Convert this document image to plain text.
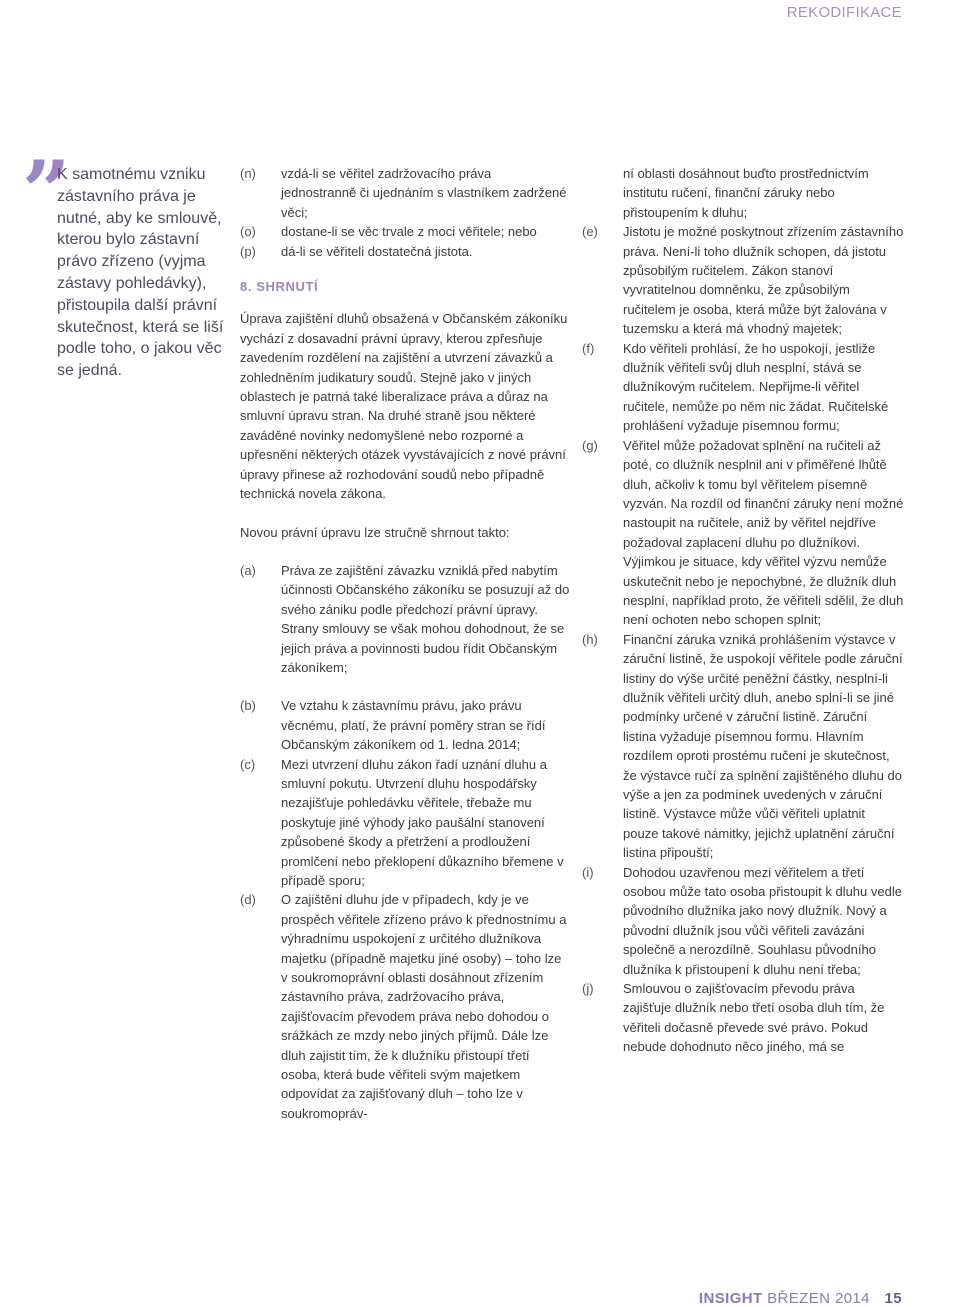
REKODIFIKACE
”
K samotnému vzniku zástavního práva je nutné, aby ke smlouvě, kterou bylo zástavní právo zřízeno (vyjma zástavy pohledávky), přistoupila další právní skutečnost, která se liší podle toho, o jakou věc se jedná.

(n) vzdá-li se věřitel zadržovacího práva jednostranně či ujednáním s vlastníkem zadržené věci;

(o) dostane-li se věc trvale z moci věřitele; nebo

(p) dá-li se věřiteli dostatečná jistota.

8. SHRNUTÍ

Úprava zajištění dluhů obsažená v Občanském zákoníku vychází z dosavadní právní úpravy, kterou zpřesňuje zavedením rozdělení na zajištění a utvrzení závazků a zohledněním judikatury soudů. Stejně jako v jiných oblastech je patrná také liberalizace práva a důraz na smluvní úpravu stran. Na druhé straně jsou některé zaváděné novinky nedomyšlené nebo rozporné a upřesnění některých otázek vyvstávajících z nové právní úpravy přinese až rozhodování soudů nebo případně technická novela zákona.

Novou právní úpravu lze stručně shrnout takto:

(a) Práva ze zajištění závazku vzniklá před nabytím účinnosti Občanského zákoníku se posuzují až do svého zániku podle předchozí právní úpravy. Strany smlouvy se však mohou dohodnout, že se jejich práva a povinnosti budou řídit Občanským zákoníkem;

(b) Ve vztahu k zástavnímu právu, jako právu věcnému, platí, že právní poměry stran se řídí Občanským zákoníkem od 1. ledna 2014;

(c) Mezi utvrzení dluhu zákon řadí uznání dluhu a smluvní pokutu. Utvrzení dluhu hospodářsky nezajišťuje pohledávku věřitele, třebaže mu poskytuje jiné výhody jako paušální stanovení způsobené škody a přetržení a prodloužení promlčení nebo překlopení důkazního břemene v případě sporu;

(d) O zajištění dluhu jde v případech, kdy je ve prospěch věřitele zřízeno právo k přednostnímu a výhradnímu uspokojení z určitého dlužníkova majetku (případně majetku jiné osoby) – toho lze v soukromoprávní oblasti dosáhnout zřízením zástavního práva, zadržovacího práva, zajišťovacím převodem práva nebo dohodou o srážkách ze mzdy nebo jiných příjmů. Dále lze dluh zajistit tím, že k dlužníku přistoupí třetí osoba, která bude věřiteli svým majetkem odpovídat za zajišťovaný dluh – toho lze v soukromopráv-

ní oblasti dosáhnout buďto prostřednictvím institutu ručení, finanční záruky nebo přistoupením k dluhu;

(e) Jistotu je možné poskytnout zřízením zástavního práva. Není-li toho dlužník schopen, dá jistotu způsobilým ručitelem. Zákon stanoví vyvratitelnou domněnku, že způsobilým ručitelem je osoba, která může být žalována v tuzemsku a která má vhodný majetek;

(f) Kdo věřiteli prohlásí, že ho uspokojí, jestliže dlužník věřiteli svůj dluh nesplní, stává se dlužníkovým ručitelem. Nepřijme-li věřitel ručitele, nemůže po něm nic žádat. Ručitelské prohlášení vyžaduje písemnou formu;

(g) Věřitel může požadovat splnění na ručiteli až poté, co dlužník nesplnil ani v přiměřené lhůtě dluh, ačkoliv k tomu byl věřitelem písemně vyzván. Na rozdíl od finanční záruky není možné nastoupit na ručitele, aniž by věřitel nejdříve požadoval zaplacení dluhu po dlužníkovi. Výjimkou je situace, kdy věřitel výzvu nemůže uskutečnit nebo je nepochybné, že dlužník dluh nesplní, například proto, že věřiteli sdělil, že dluh není ochoten nebo schopen splnit;

(h) Finanční záruka vzniká prohlášením výstavce v záruční listině, že uspokojí věřitele podle záruční listiny do výše určité peněžní částky, nesplní-li dlužník věřiteli určitý dluh, anebo splní-li se jiné podmínky určené v záruční listině. Záruční listina vyžaduje písemnou formu. Hlavním rozdílem oproti prostému ručení je skutečnost, že výstavce ručí za splnění zajištěného dluhu do výše a jen za podmínek uvedených v záruční listině. Výstavce může vůči věřiteli uplatnit pouze takové námitky, jejichž uplatnění záruční listina připouští;

(i) Dohodou uzavřenou mezi věřitelem a třetí osobou může tato osoba přistoupit k dluhu vedle původního dlužníka jako nový dlužník. Nový a původní dlužník jsou vůči věřiteli zavázáni společně a nerozdílně. Souhlasu původního dlužníka k přistoupení k dluhu není třeba;

(j) Smlouvou o zajišťovacím převodu práva zajišťuje dlužník nebo třetí osoba dluh tím, že věřiteli dočasně převede své právo. Pokud nebude dohodnuto něco jiného, má se

INSIGHT BŘEZEN 2014 15
